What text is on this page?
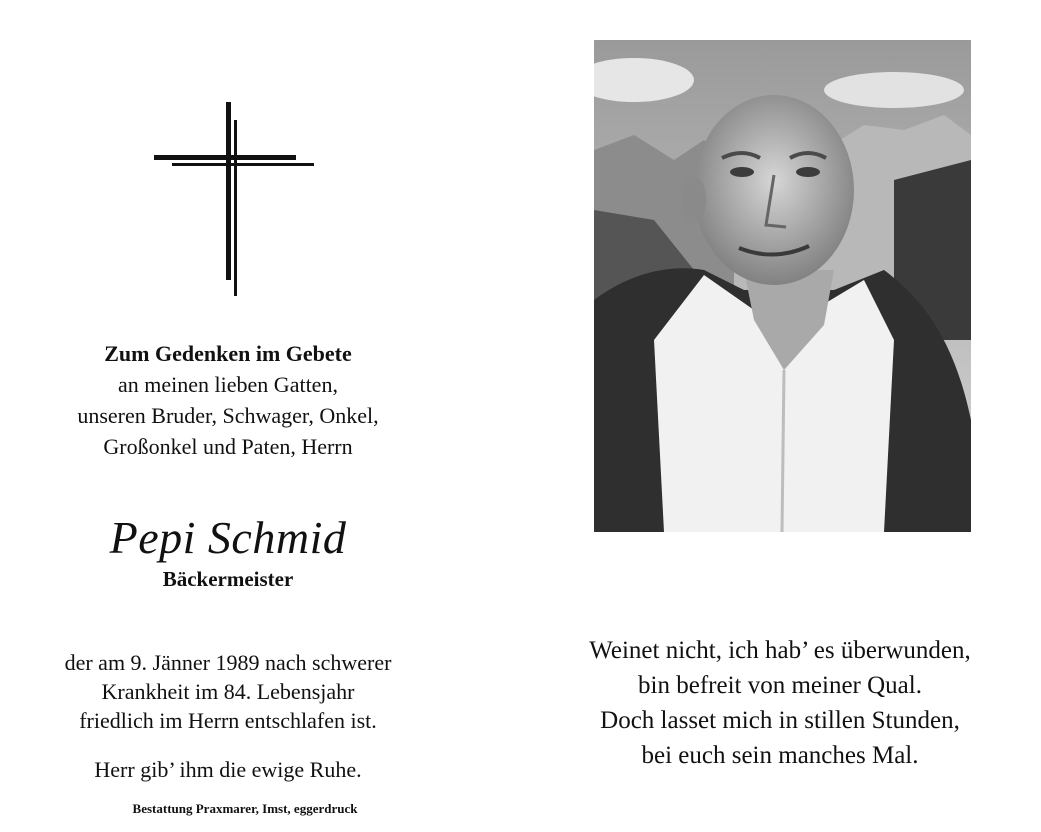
Zum Gedenken im Gebete
an meinen lieben Gatten,
unseren Bruder, Schwager, Onkel,
Großonkel und Paten, Herrn
Pepi Schmid
Bäckermeister
der am 9. Jänner 1989 nach schwerer
Krankheit im 84. Lebensjahr
friedlich im Herrn entschlafen ist.
Herr gib’ ihm die ewige Ruhe.
Bestattung Praxmarer, Imst, eggerdruck
Weinet nicht, ich hab’ es überwunden,
bin befreit von meiner Qual.
Doch lasset mich in stillen Stunden,
bei euch sein manches Mal.
